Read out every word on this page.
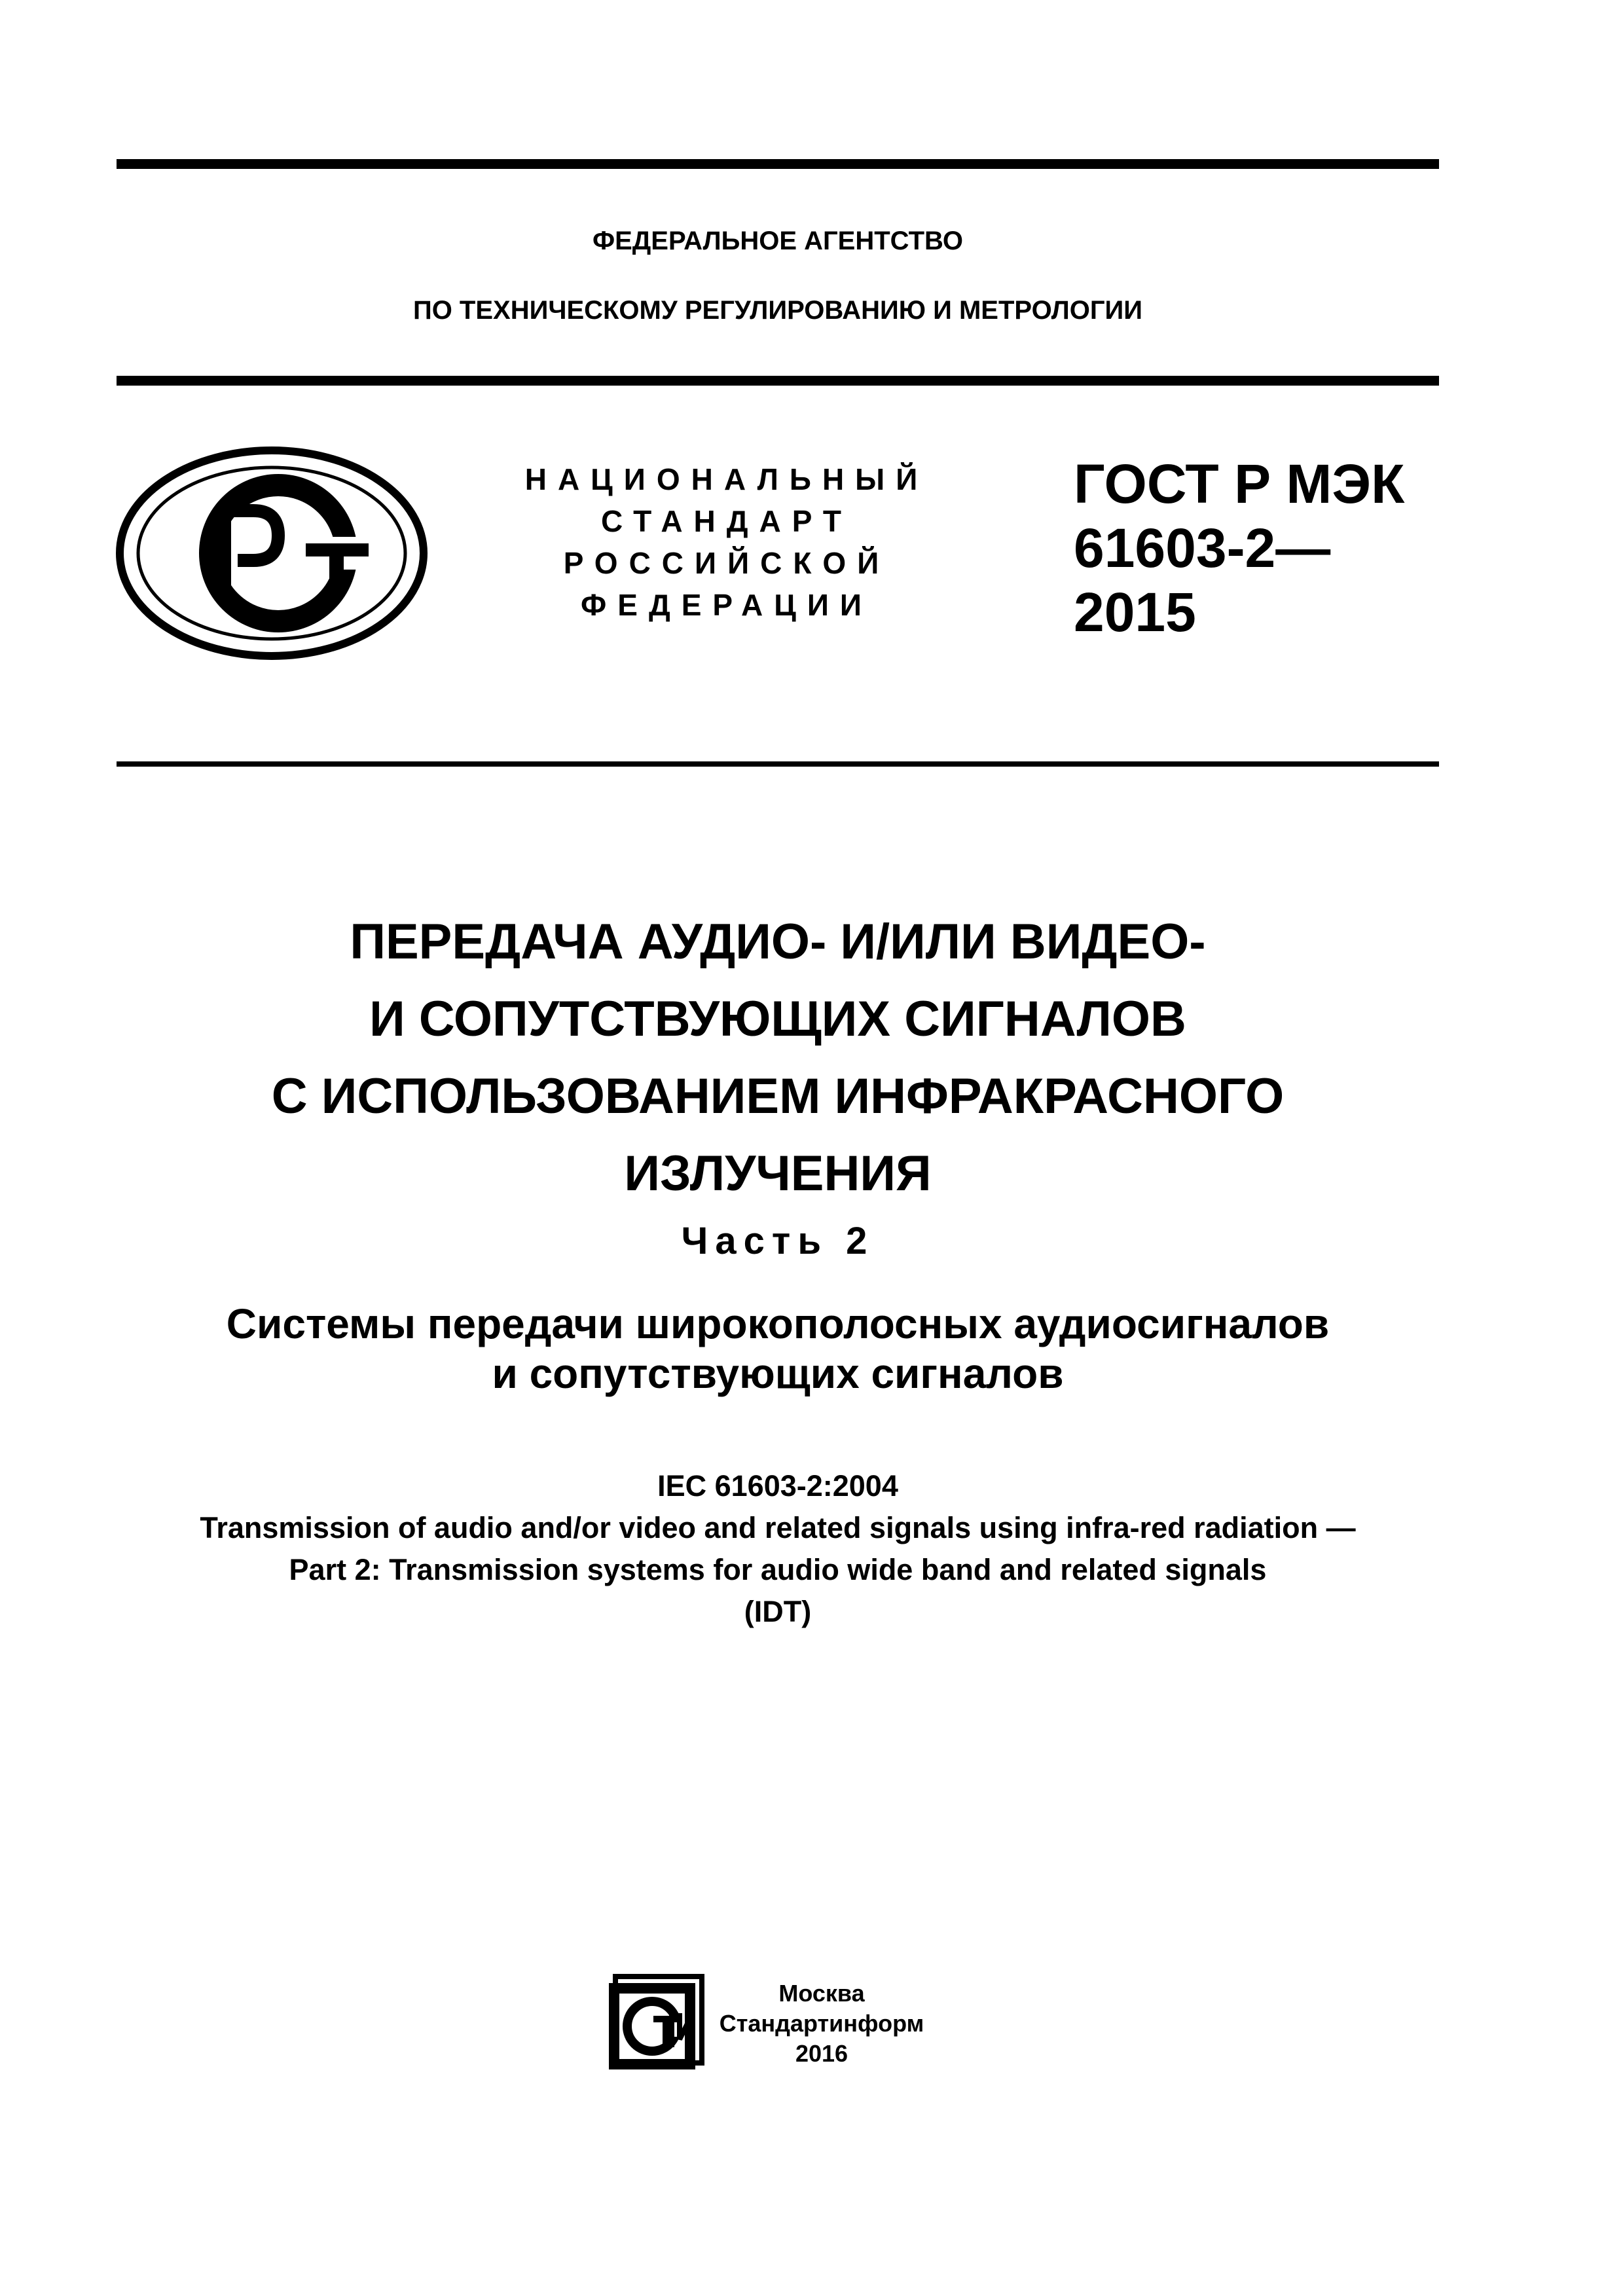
ФЕДЕРАЛЬНОЕ АГЕНТСТВО
ПО ТЕХНИЧЕСКОМУ РЕГУЛИРОВАНИЮ И МЕТРОЛОГИИ
НАЦИОНАЛЬНЫЙ
СТАНДАРТ
РОССИЙСКОЙ
ФЕДЕРАЦИИ
ГОСТ Р МЭК
61603-2—
2015
ПЕРЕДАЧА АУДИО- И/ИЛИ ВИДЕО-
И СОПУТСТВУЮЩИХ СИГНАЛОВ
С ИСПОЛЬЗОВАНИЕМ ИНФРАКРАСНОГО
ИЗЛУЧЕНИЯ
Часть 2
Системы передачи широкополосных аудиосигналов
и сопутствующих сигналов
IEC 61603-2:2004
Transmission of audio and/or video and related signals using infra-red radiation —
Part 2: Transmission systems for audio wide band and related signals
(IDT)
Москва
Стандартинформ
2016
